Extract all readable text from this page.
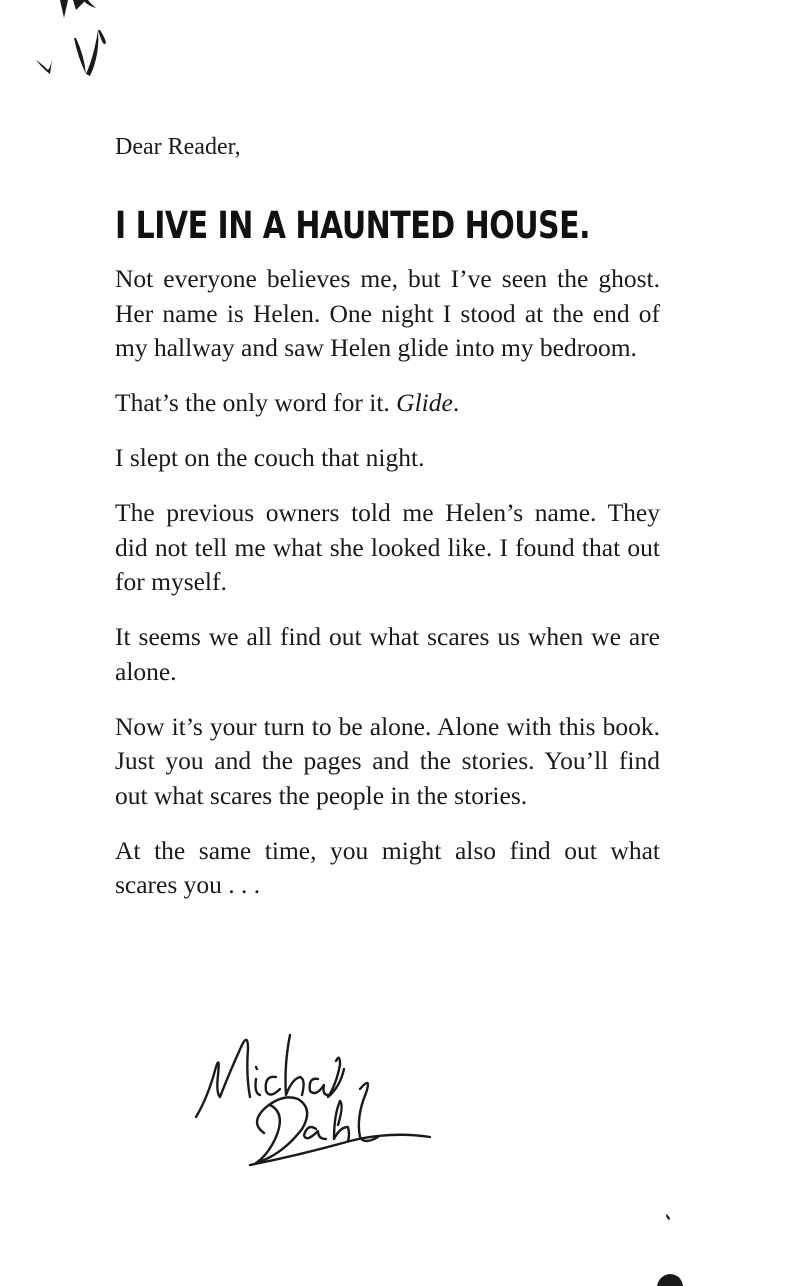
Dear Reader,

I LIVE IN A HAUNTED HOUSE.

Not everyone believes me, but I’ve seen the ghost. Her name is Helen. One night I stood at the end of my hallway and saw Helen glide into my bedroom.

That’s the only word for it. Glide.

I slept on the couch that night.

The previous owners told me Helen’s name. They did not tell me what she looked like. I found that out for myself.

It seems we all find out what scares us when we are alone.

Now it’s your turn to be alone. Alone with this book. Just you and the pages and the stories. You’ll find out what scares the people in the stories.

At the same time, you might also find out what scares you . . .
